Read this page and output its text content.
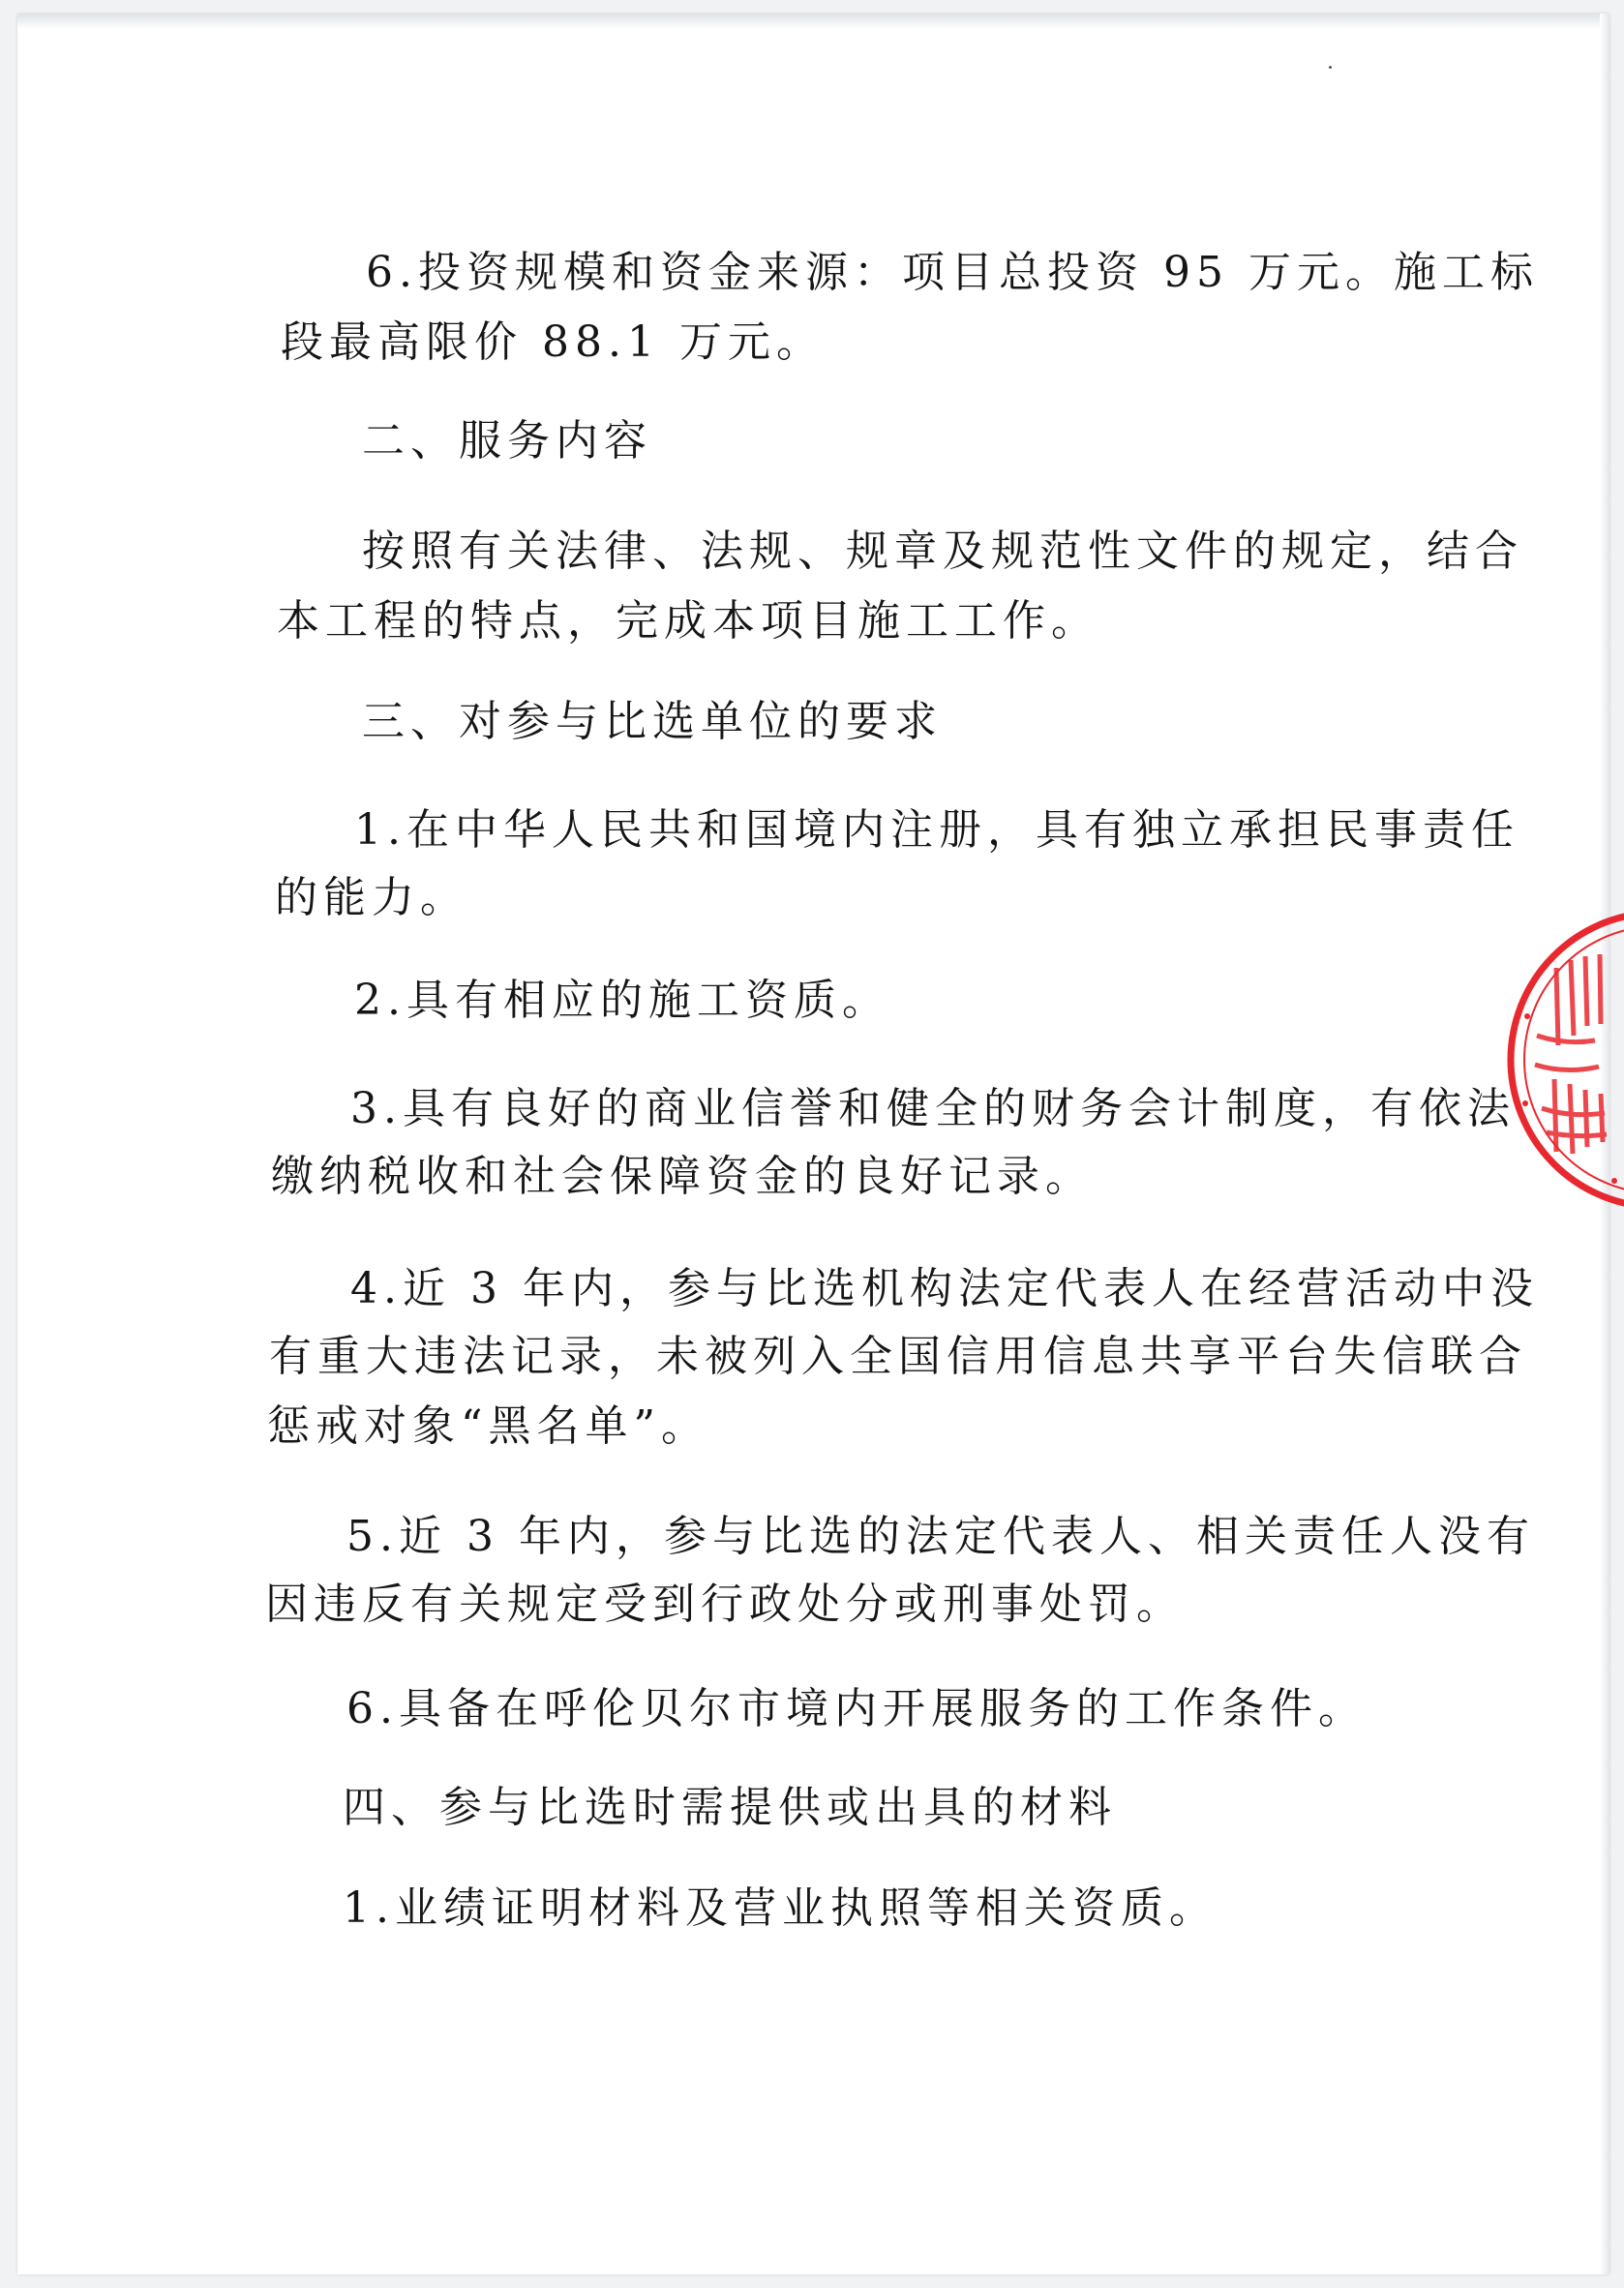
6.投资规模和资金来源：项目总投资 95 万元。施工标
段最高限价 88.1 万元。
二、服务内容
按照有关法律、法规、规章及规范性文件的规定，结合
本工程的特点，完成本项目施工工作。
三、对参与比选单位的要求
1.在中华人民共和国境内注册，具有独立承担民事责任
的能力。
2.具有相应的施工资质。
3.具有良好的商业信誉和健全的财务会计制度，有依法
缴纳税收和社会保障资金的良好记录。
4.近 3 年内，参与比选机构法定代表人在经营活动中没
有重大违法记录，未被列入全国信用信息共享平台失信联合
惩戒对象“黑名单”。
5.近 3 年内，参与比选的法定代表人、相关责任人没有
因违反有关规定受到行政处分或刑事处罚。
6.具备在呼伦贝尔市境内开展服务的工作条件。
四、参与比选时需提供或出具的材料
1.业绩证明材料及营业执照等相关资质。
